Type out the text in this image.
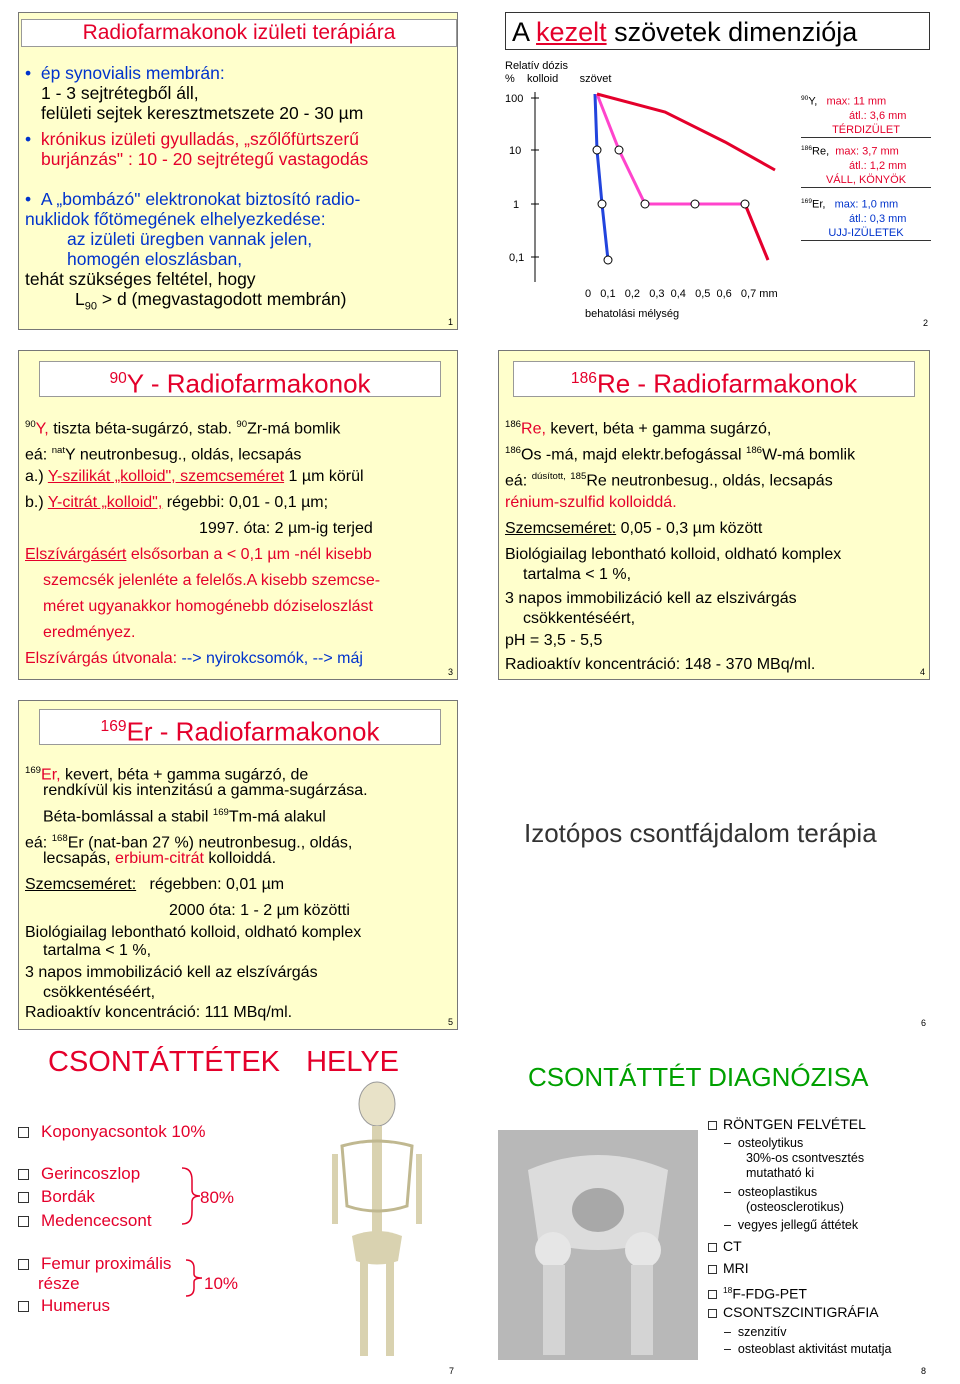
Radiofarmakonok izületi terápiára
•  ép synovialis membrán:
1 - 3 sejtrétegből áll,
felületi sejtek keresztmetszete 20 - 30 µm
• krónikus izületi gyulladás, „szőlőfürtszerű
burjánzás" : 10 - 20 sejtrétegű vastagodás
•  A „bombázó" elektronokat biztosító radio-
nuklidok főtömegének elhelyezkedése:
az izületi üregben vannak jelen,
homogén eloszlásban,
tehát szükséges feltétel, hogy
$L_{90} > d$ (megvastagodott membrán)
1
A kezelt szövetek dimenziója
Relatív dózis
% kolloid szövet
100
10
1
0,1
0   0,1   0,2   0,3  0,4   0,5  0,6   0,7 mm
behatolási mélység
$^{90}$Y, max: 11 mm
átl.: 3,6 mm
TÉRDIZÜLET
$^{186}$Re, max: 3,7 mm
átl.: 1,2 mm
VÁLL, KÖNYÖK
$^{169}$Er, max: 1,0 mm
átl.: 0,3 mm
UJJ-IZÜLETEK
2
$^{90}$Y - Radiofarmakonok
$^{90}$Y, tiszta béta-sugárzó, stab. $^{90}$Zr-má bomlik
eá: $^{nat}$Y neutronbesug., oldás, lecsapás
a.) Y-szilikát „kolloid", szemcseméret 1 µm körül
b.) Y-citrát „kolloid", régebbi: 0,01 - 0,1 µm;
1997. óta: 2 µm-ig terjed
Elszívárgásért elsősorban a < 0,1 µm -nél kisebb
szemcsék jelenléte a felelős.A kisebb szemcse-
méret ugyanakkor homogénebb dóziseloszlást
eredményez.
Elszívárgás útvonala: --> nyirokcsomók, --> máj
3
$^{186}$Re - Radiofarmakonok
$^{186}$Re, kevert, béta + gamma sugárzó,
$^{186}$Os -má, majd elektr.befogással $^{186}$W-má bomlik
eá: $^{dúsított,}$ $^{185}$Re neutronbesug., oldás, lecsapás
rénium-szulfid kolloiddá.
Szemcseméret: 0,05 - 0,3 µm között
Biológiailag lebontható kolloid, oldható komplex
tartalma < 1 %,
3 napos immobilizáció kell az elszivárgás
csökkentéséért,
pH = 3,5 - 5,5
Radioaktív koncentráció: 148 - 370 MBq/ml.	4
$^{169}$Er - Radiofarmakonok
$^{169}$Er, kevert, béta + gamma sugárzó, de
rendkívül kis intenzitású a gamma-sugárzása.
Béta-bomlással a stabil $^{169}$Tm-má alakul
eá: $^{168}$Er (nat-ban 27 %) neutronbesug., oldás,
lecsapás, erbium-citrát kolloiddá.
Szemcseméret: régebben: 0,01 µm
2000 óta: 1 - 2 µm közötti
Biológiailag lebontható kolloid, oldható komplex
tartalma < 1 %,
3 napos immobilizáció kell az elszívárgás
csökkentéséért,
Radioaktív koncentráció: 111 MBq/ml.
5
Izotópos csontfájdalom terápia
6
CSONTÁTTÉTEK HELYE
Koponyacsontok 10%
Gerincoszlop
Bordák
Medencecsont
80%
Femur proximális
része
Humerus
10%
7
CSONTÁTTÉT DIAGNÓZISA
RÖNTGEN FELVÉTEL
–  osteolytikus
30%-os csontvesztés
mutatható ki
–  osteoplastikus
(osteosclerotikus)
–  vegyes jellegű áttétek
CT
MRI
$^{18}$F-FDG-PET
CSONTSZCINTIGRÁFIA
–  szenzitív
–  osteoblast aktivitást mutatja
8
